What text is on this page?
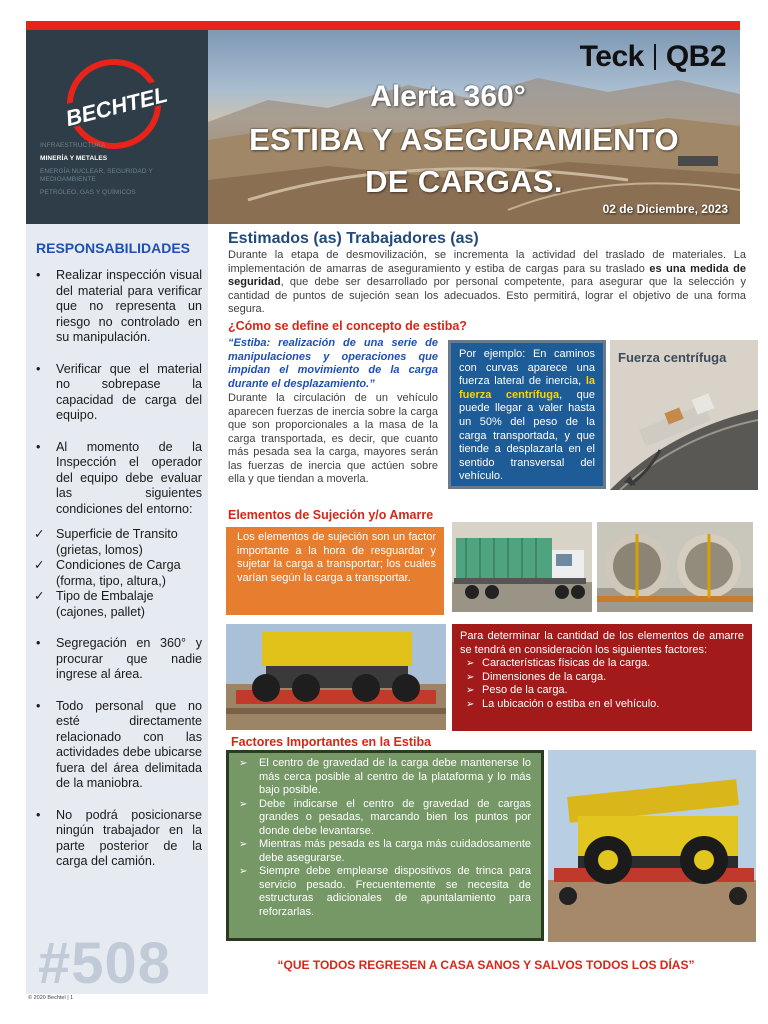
BECHTEL
INFRAESTRUCTURA
MINERÍA Y METALES
ENERGÍA NUCLEAR, SEGURIDAD Y MEDIOAMBIENTE
PETRÓLEO, GAS Y QUÍMICOS
Teck QB2
Alerta 360°
ESTIBA Y ASEGURAMIENTO
DE CARGAS.
02 de Diciembre, 2023
RESPONSABILIDADES
• Realizar inspección visual del material para verificar que no representa un riesgo no controlado en su manipulación.
• Verificar que el material no sobrepase la capacidad de carga del equipo.
• Al momento de la Inspección el operador del equipo debe evaluar las siguientes condiciones del entorno:
✓ Superficie de Transito (grietas, lomos)
✓ Condiciones de Carga (forma, tipo, altura,)
✓ Tipo de Embalaje (cajones, pallet)
• Segregación en 360° y procurar que nadie ingrese al área.
• Todo personal que no esté directamente relacionado con las actividades debe ubicarse fuera del área delimitada de la maniobra.
• No podrá posicionarse ningún trabajador en la parte posterior de la carga del camión.
#508
© 2020 Bechtel | 1
Estimados (as) Trabajadores (as)
Durante la etapa de desmovilización, se incrementa la actividad del traslado de materiales. La implementación de amarras de aseguramiento y estiba de cargas para su traslado es una medida de seguridad, que debe ser desarrollado por personal competente, para asegurar que la selección y cantidad de puntos de sujeción sean los adecuados. Esto permitirá, lograr el objetivo de una forma segura.
¿Cómo se define el concepto de estiba?
“Estiba: realización de una serie de manipulaciones y operaciones que impidan el movimiento de la carga durante el desplazamiento.”
Durante la circulación de un vehículo aparecen fuerzas de inercia sobre la carga que son proporcionales a la masa de la carga transportada, es decir, que cuanto más pesada sea la carga, mayores serán las fuerzas de inercia que actúen sobre ella y que tiendan a moverla.
Por ejemplo: En caminos con curvas aparece una fuerza lateral de inercia, la fuerza centrífuga, que puede llegar a valer hasta un 50% del peso de la carga transportada, y que tiende a desplazarla en el sentido transversal del vehículo.
Fuerza centrífuga
Elementos de Sujeción y/o Amarre
Los elementos de sujeción son un factor importante a la hora de resguardar y sujetar la carga a transportar; los cuales varían según la carga a transportar.
Para determinar la cantidad de los elementos de amarre se tendrá en consideración los siguientes factores:
➢ Características físicas de la carga.
➢ Dimensiones de la carga.
➢ Peso de la carga.
➢ La ubicación o estiba en el vehículo.
Factores Importantes en la Estiba
➢ El centro de gravedad de la carga debe mantenerse lo más cerca posible al centro de la plataforma y lo más bajo posible.
➢ Debe indicarse el centro de gravedad de cargas grandes o pesadas, marcando bien los puntos por donde debe levantarse.
➢ Mientras más pesada es la carga más cuidadosamente debe asegurarse.
➢ Siempre debe emplearse dispositivos de trinca para servicio pesado. Frecuentemente se necesita de estructuras adicionales de apuntalamiento para reforzarlas.
“QUE TODOS REGRESEN A CASA SANOS Y SALVOS TODOS LOS DÍAS”
